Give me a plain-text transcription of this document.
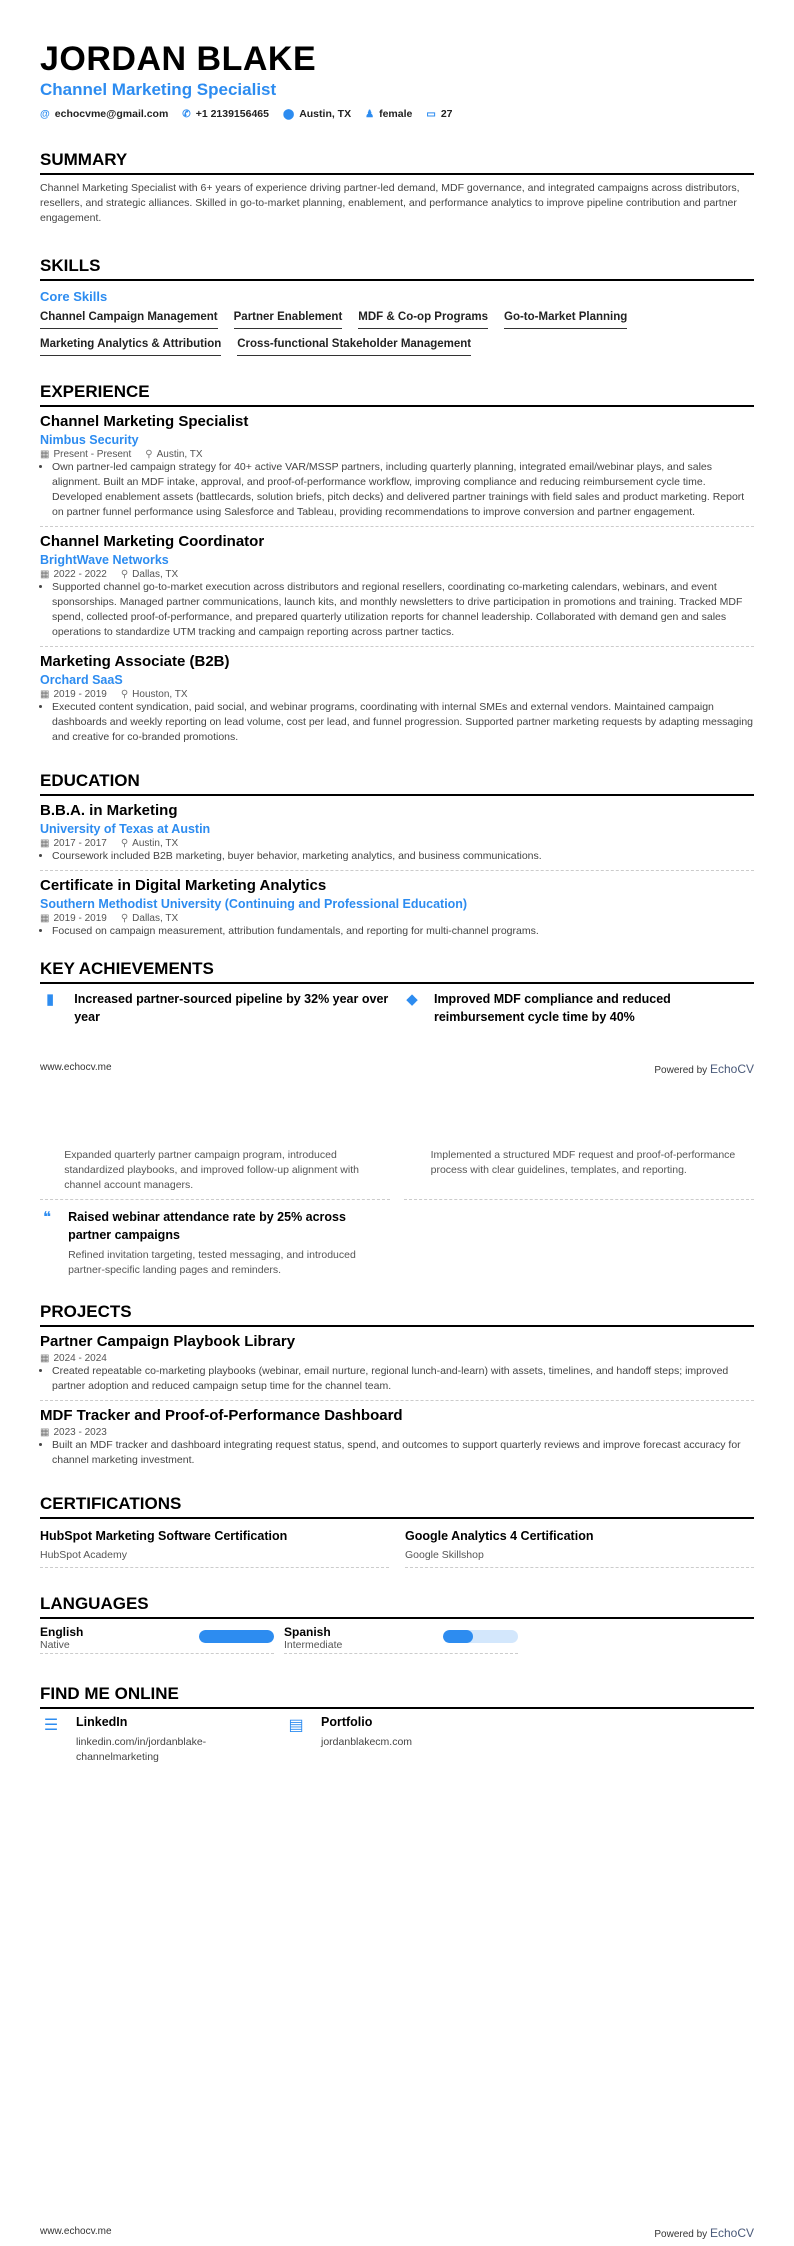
JORDAN BLAKE
Channel Marketing Specialist
@ echocvme@gmail.com ✆ +1 2139156465 ⬤ Austin, TX ♟ female ▭ 27
SUMMARY

Channel Marketing Specialist with 6+ years of experience driving partner-led demand, MDF governance, and integrated campaigns across distributors, resellers, and strategic alliances. Skilled in go-to-market planning, enablement, and performance analytics to improve pipeline contribution and partner engagement.

SKILLS
Core Skills
Channel Campaign Management Partner Enablement MDF & Co-op Programs Go-to-Market Planning
Marketing Analytics & Attribution Cross-functional Stakeholder Management
EXPERIENCE
Channel Marketing Specialist
Nimbus Security
▦ Present - Present ⚲ Austin, TX
• Own partner-led campaign strategy for 40+ active VAR/MSSP partners, including quarterly planning, integrated email/webinar plays, and sales alignment. Built an MDF intake, approval, and proof-of-performance workflow, improving compliance and reducing reimbursement cycle time. Developed enablement assets (battlecards, solution briefs, pitch decks) and delivered partner trainings with field sales and product marketing. Report on partner funnel performance using Salesforce and Tableau, providing recommendations to improve conversion and partner engagement.
Channel Marketing Coordinator
BrightWave Networks
▦ 2022 - 2022 ⚲ Dallas, TX
• Supported channel go-to-market execution across distributors and regional resellers, coordinating co-marketing calendars, webinars, and event sponsorships. Managed partner communications, launch kits, and monthly newsletters to drive participation in promotions and training. Tracked MDF spend, collected proof-of-performance, and prepared quarterly utilization reports for channel leadership. Collaborated with demand gen and sales operations to standardize UTM tracking and campaign reporting across partner tactics.
Marketing Associate (B2B)
Orchard SaaS
▦ 2019 - 2019 ⚲ Houston, TX
• Executed content syndication, paid social, and webinar programs, coordinating with internal SMEs and external vendors. Maintained campaign dashboards and weekly reporting on lead volume, cost per lead, and funnel progression. Supported partner marketing requests by adapting messaging and creative for co-branded promotions.
EDUCATION
B.B.A. in Marketing
University of Texas at Austin
▦ 2017 - 2017 ⚲ Austin, TX
• Coursework included B2B marketing, buyer behavior, marketing analytics, and business communications.
Certificate in Digital Marketing Analytics
Southern Methodist University (Continuing and Professional Education)
▦ 2019 - 2019 ⚲ Dallas, TX
• Focused on campaign measurement, attribution fundamentals, and reporting for multi-channel programs.
KEY ACHIEVEMENTS
▮	Increased partner-sourced pipeline by 32% year over year
◆ Improved MDF compliance and reduced reimbursement cycle time by 40%
www.echocv.me	Powered by EchoCV

Expanded quarterly partner campaign program, introduced standardized playbooks, and improved follow-up alignment with channel account managers.

Implemented a structured MDF request and proof-of-performance process with clear guidelines, templates, and reporting.

❝ Raised webinar attendance rate by 25% across partner campaigns

Refined invitation targeting, tested messaging, and introduced partner-specific landing pages and reminders.

PROJECTS
Partner Campaign Playbook Library
▦ 2024 - 2024
• Created repeatable co-marketing playbooks (webinar, email nurture, regional lunch-and-learn) with assets, timelines, and handoff steps; improved partner adoption and reduced campaign setup time for the channel team.
MDF Tracker and Proof-of-Performance Dashboard
▦ 2023 - 2023
• Built an MDF tracker and dashboard integrating request status, spend, and outcomes to support quarterly reviews and improve forecast accuracy for channel marketing investment.
CERTIFICATIONS
HubSpot Marketing Software Certification
HubSpot Academy
Google Analytics 4 Certification
Google Skillshop
LANGUAGES
English
Native
Spanish
Intermediate
FIND ME ONLINE
☰	LinkedIn
linkedin.com/in/jordanblake-channelmarketing
▤ Portfolio
jordanblakecm.com
www.echocv.me	Powered by EchoCV
